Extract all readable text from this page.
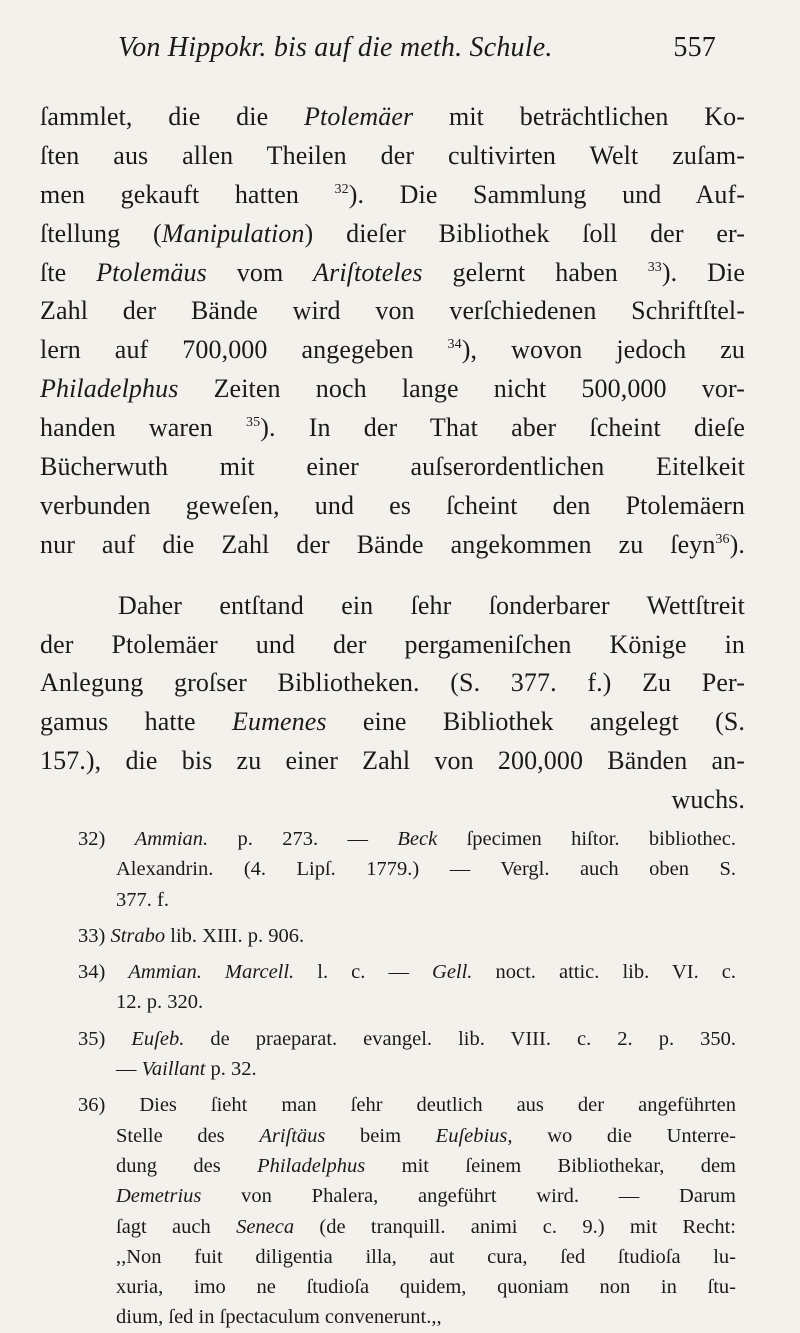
Von Hippokr. bis auf die meth. Schule.	557
ſammlet, die die Ptolemäer mit beträchtlichen Ko-
ſten aus allen Theilen der cultivirten Welt zuſam-
men gekauft hatten	$^{32}$). Die Sammlung und Auf-
ſtellung (Manipulation) dieſer Bibliothek ſoll der er-
ſte Ptolemäus vom Ariſtoteles gelernt haben $^{33}$). Die
Zahl der Bände wird von verſchiedenen Schriftſtel-
lern auf 700,000 angegeben $^{34}$), wovon jedoch zu
Philadelphus Zeiten noch lange nicht 500,000 vor-
handen waren $^{35}$). In der That aber ſcheint dieſe
Bücherwuth mit einer auſserordentlichen Eitelkeit
verbunden geweſen, und es ſcheint den Ptolemäern
nur auf die Zahl der Bände angekommen zu ſeyn$^{36}$).
Daher entſtand ein ſehr ſonderbarer Wettſtreit
der Ptolemäer und der pergameniſchen Könige in
Anlegung groſser Bibliotheken. (S. 377. f.) Zu Per-
gamus hatte Eumenes eine Bibliothek angelegt (S.
157.), die bis zu einer Zahl von 200,000 Bänden an-
wuchs.
32) Ammian. p. 273. — Beck ſpecimen hiſtor. bibliothec.
Alexandrin. (4. Lipſ. 1779.) — Vergl. auch oben S.
377. f.
33) Strabo lib. XIII. p. 906.
34) Ammian. Marcell. l. c. — Gell. noct. attic. lib. VI. c.
12. p. 320.
35) Euſeb. de praeparat. evangel. lib. VIII. c. 2. p. 350.
— Vaillant p. 32.
36) Dies ſieht man ſehr deutlich aus der angeführten
Stelle des Ariſtäus beim Euſebius, wo die Unterre-
dung des Philadelphus mit ſeinem Bibliothekar, dem
Demetrius von Phalera, angeführt wird. — Darum
ſagt auch Seneca (de tranquill. animi c. 9.) mit Recht:
,,Non fuit diligentia illa, aut cura, ſed ſtudioſa lu-
xuria, imo ne ſtudioſa quidem, quoniam non in ſtu-
dium, ſed in ſpectaculum convenerunt.,,
